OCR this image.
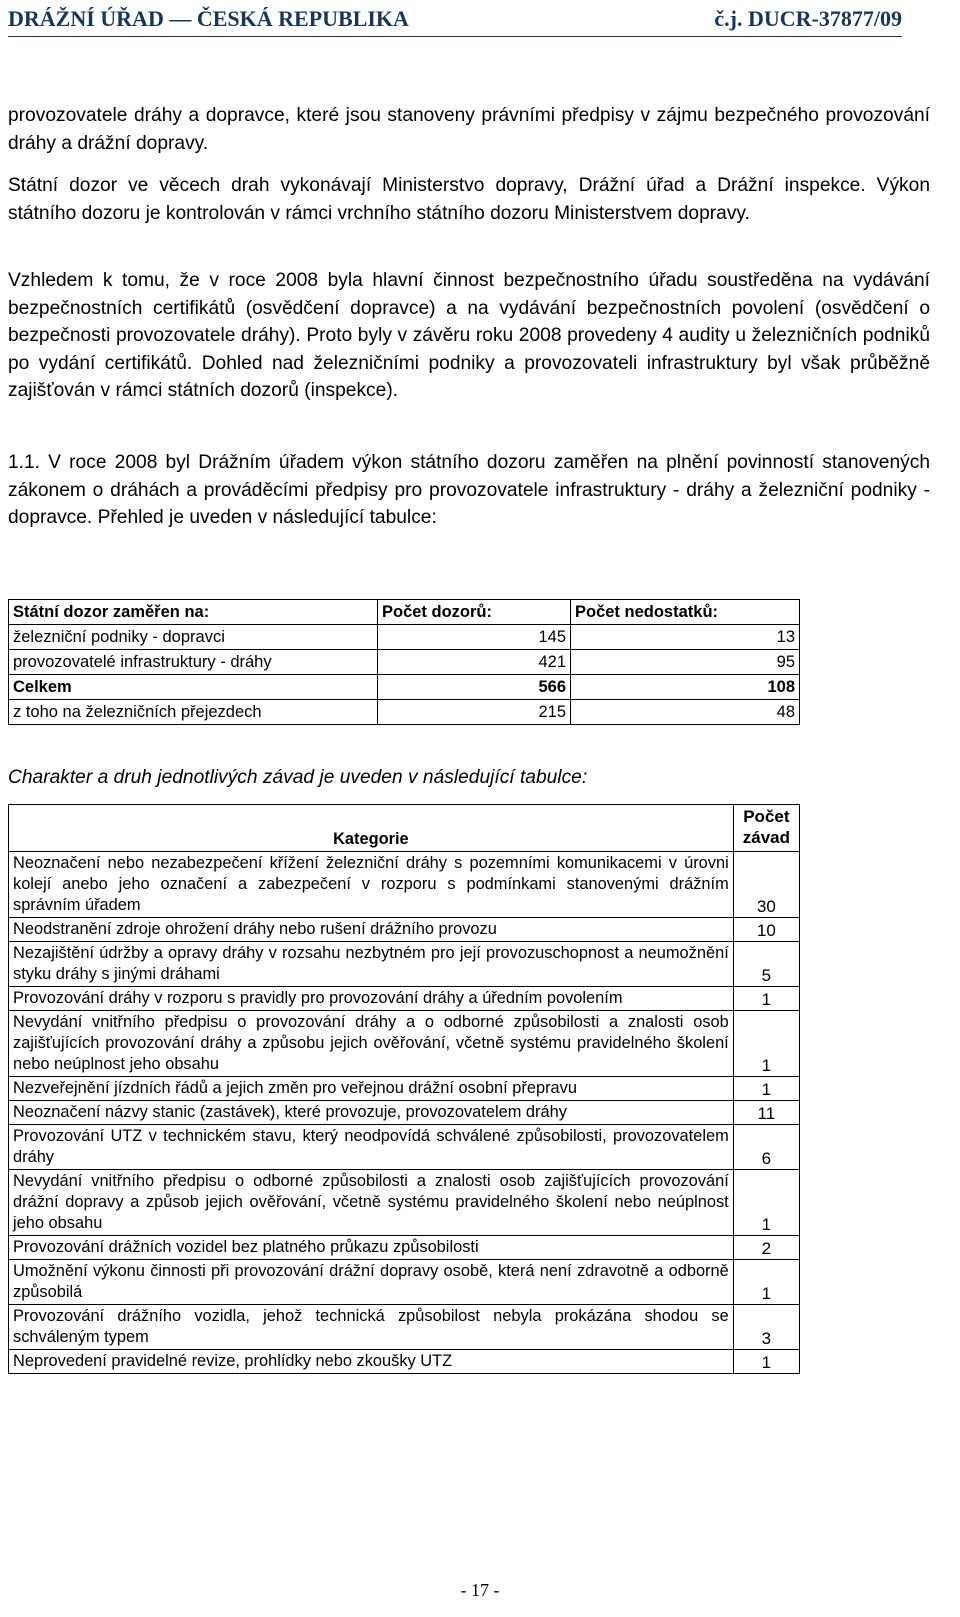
DRÁŽNÍ ÚŘAD — ČESKÁ REPUBLIKA	č.j. DUCR-37877/09

provozovatele dráhy a dopravce, které jsou stanoveny právními předpisy v zájmu bezpečného provozování dráhy a drážní dopravy.

Státní dozor ve věcech drah vykonávají Ministerstvo dopravy, Drážní úřad a Drážní inspekce. Výkon státního dozoru je kontrolován v rámci vrchního státního dozoru Ministerstvem dopravy.

Vzhledem k tomu, že v roce 2008 byla hlavní činnost bezpečnostního úřadu soustředěna na vydávání bezpečnostních certifikátů (osvědčení dopravce) a na vydávání bezpečnostních povolení (osvědčení o bezpečnosti provozovatele dráhy). Proto byly v závěru roku 2008 provedeny 4 audity u železničních podniků po vydání certifikátů. Dohled nad železničními podniky a provozovateli infrastruktury byl však průběžně zajišťován v rámci státních dozorů (inspekce).

1.1. V roce 2008 byl Drážním úřadem výkon státního dozoru zaměřen na plnění povinností stanovených zákonem o dráhách a prováděcími předpisy pro provozovatele infrastruktury - dráhy a železniční podniky - dopravce. Přehled je uveden v následující tabulce:

Státní dozor zaměřen na:	Počet dozorů:	Počet nedostatků:
železniční podniky - dopravci	145	13
provozovatelé infrastruktury - dráhy	421	95
Celkem	566	108
z toho na železničních přejezdech	215	48
Charakter a druh jednotlivých závad je uveden v následující tabulce:
Kategorie	Počet závad
Neoznačení nebo nezabezpečení křížení železniční dráhy s pozemními komunikacemi v úrovni kolejí anebo jeho označení a zabezpečení v rozporu s podmínkami stanovenými drážním správním úřadem	30
Neodstranění zdroje ohrožení dráhy nebo rušení drážního provozu	10
Nezajištění údržby a opravy dráhy v rozsahu nezbytném pro její provozuschopnost a neumožnění styku dráhy s jinými dráhami	5
Provozování dráhy v rozporu s pravidly pro provozování dráhy a úředním povolením	1
Nevydání vnitřního předpisu o provozování dráhy a o odborné způsobilosti a znalosti osob zajišťujících provozování dráhy a způsobu jejich ověřování, včetně systému pravidelného školení nebo neúplnost jeho obsahu	1
Nezveřejnění jízdních řádů a jejich změn pro veřejnou drážní osobní přepravu	1
Neoznačení názvy stanic (zastávek), které provozuje, provozovatelem dráhy	11
Provozování UTZ v technickém stavu, který neodpovídá schválené způsobilosti, provozovatelem dráhy	6
Nevydání vnitřního předpisu o odborné způsobilosti a znalosti osob zajišťujících provozování drážní dopravy a způsob jejich ověřování, včetně systému pravidelného školení nebo neúplnost jeho obsahu	1
Provozování drážních vozidel bez platného průkazu způsobilosti	2
Umožnění výkonu činnosti při provozování drážní dopravy osobě, která není zdravotně a odborně způsobilá	1
Provozování drážního vozidla, jehož technická způsobilost nebyla prokázána shodou se schváleným typem	3
Neprovedení pravidelné revize, prohlídky nebo zkoušky UTZ	1
- 17 -
